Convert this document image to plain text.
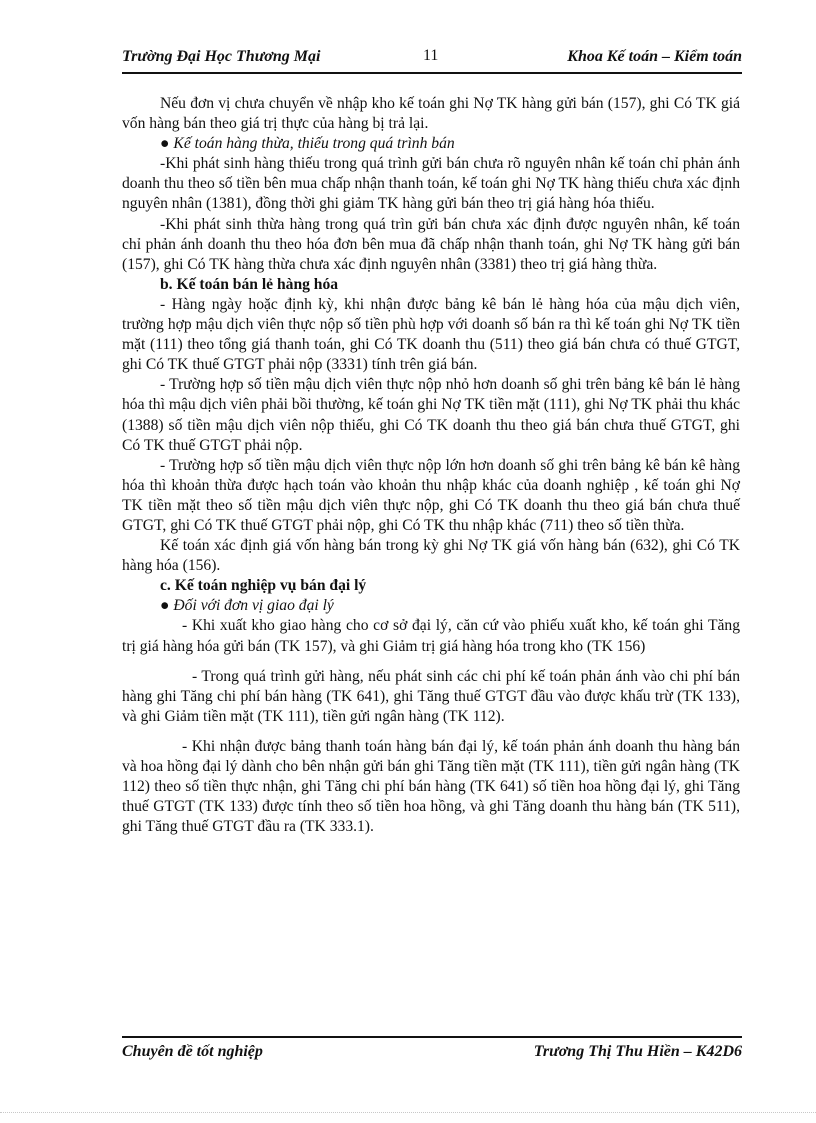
Trường Đại Học Thương Mại	11	Khoa Kế toán – Kiểm toán

Nếu đơn vị chưa chuyển về nhập kho kế toán ghi Nợ TK hàng gửi bán (157), ghi Có TK giá vốn hàng bán theo giá trị thực của hàng bị trả lại.

● Kế toán hàng thừa, thiếu trong quá trình bán

-Khi phát sinh hàng thiếu trong quá trình gửi bán chưa rõ nguyên nhân kế toán chỉ phản ánh doanh thu theo số tiền bên mua chấp nhận thanh toán, kế toán ghi Nợ TK hàng thiếu chưa xác định nguyên nhân (1381), đồng thời ghi giảm TK hàng gửi bán theo trị giá hàng hóa thiếu.

-Khi phát sinh thừa hàng trong quá trìn gửi bán chưa xác định được nguyên nhân, kế toán chỉ phản ánh doanh thu theo hóa đơn bên mua đã chấp nhận thanh toán, ghi Nợ TK hàng gửi bán (157), ghi Có TK hàng thừa chưa xác định nguyên nhân (3381) theo trị giá hàng thừa.

b. Kế toán bán lẻ hàng hóa

- Hàng ngày hoặc định kỳ, khi nhận được bảng kê bán lẻ hàng hóa của mậu dịch viên, trường hợp mậu dịch viên thực nộp số tiền phù hợp với doanh số bán ra thì kế toán ghi Nợ TK tiền mặt (111) theo tổng giá thanh toán, ghi Có TK doanh thu (511) theo giá bán chưa có thuế GTGT, ghi Có TK thuế GTGT phải nộp (3331) tính trên giá bán.

- Trường hợp số tiền mậu dịch viên thực nộp nhỏ hơn doanh số ghi trên bảng kê bán lẻ hàng hóa thì mậu dịch viên phải bồi thường, kế toán ghi Nợ TK tiền mặt (111), ghi Nợ TK phải thu khác (1388) số tiền mậu dịch viên nộp thiếu, ghi Có TK doanh thu theo giá bán chưa thuế GTGT, ghi Có TK thuế GTGT phải nộp.

- Trường hợp số tiền mậu dịch viên thực nộp lớn hơn doanh số ghi trên bảng kê bán kê hàng hóa thì khoản thừa được hạch toán vào khoản thu nhập khác của doanh nghiệp , kế toán ghi Nợ TK tiền mặt theo số tiền mậu dịch viên thực nộp, ghi Có TK doanh thu theo giá bán chưa thuế GTGT, ghi Có TK thuế GTGT phải nộp, ghi Có TK thu nhập khác (711) theo số tiền thừa.

Kế toán xác định giá vốn hàng bán trong kỳ ghi Nợ TK giá vốn hàng bán (632), ghi Có TK hàng hóa (156).

c. Kế toán nghiệp vụ bán đại lý

● Đối với đơn vị giao đại lý

- Khi xuất kho giao hàng cho cơ sở đại lý, căn cứ vào phiếu xuất kho, kế toán ghi Tăng trị giá hàng hóa gửi bán (TK 157), và ghi Giảm trị giá hàng hóa trong kho (TK 156)

- Trong quá trình gửi hàng, nếu phát sinh các chi phí kế toán phản ánh vào chi phí bán hàng ghi Tăng chi phí bán hàng (TK 641), ghi Tăng thuế GTGT đầu vào được khấu trừ (TK 133), và ghi Giảm tiền mặt (TK 111), tiền gửi ngân hàng (TK 112).

- Khi nhận được bảng thanh toán hàng bán đại lý, kế toán phản ánh doanh thu hàng bán và hoa hồng đại lý dành cho bên nhận gửi bán ghi Tăng tiền mặt (TK 111), tiền gửi ngân hàng (TK 112) theo số tiền thực nhận, ghi Tăng chi phí bán hàng (TK 641) số tiền hoa hồng đại lý, ghi Tăng thuế GTGT (TK 133) được tính theo số tiền hoa hồng, và ghi Tăng doanh thu hàng bán (TK 511), ghi Tăng thuế GTGT đầu ra (TK 333.1).

Chuyên đề tốt nghiệp	Trương Thị Thu Hiền – K42D6
